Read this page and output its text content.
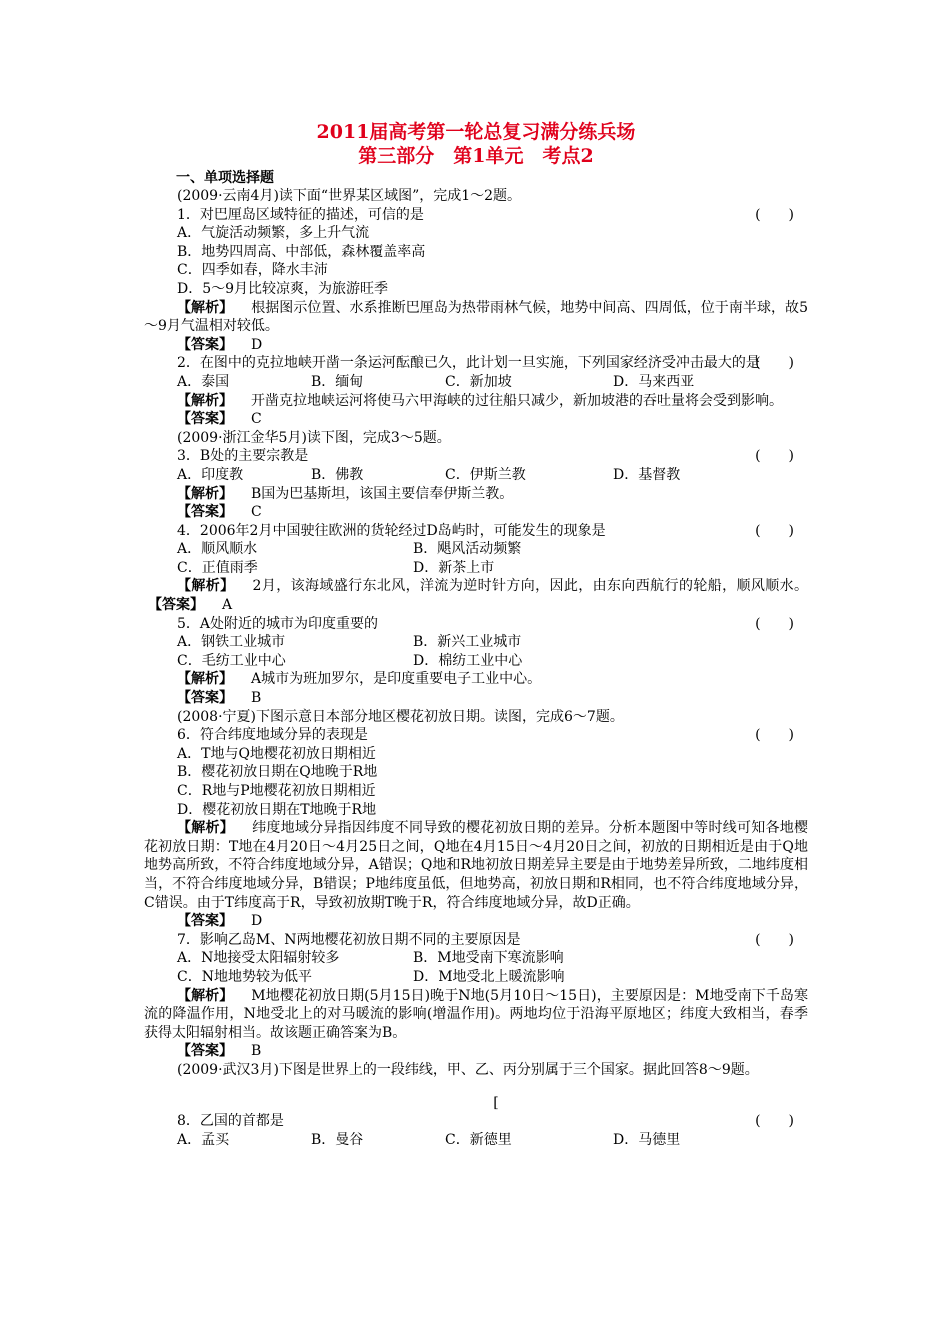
2011届高考第一轮总复习满分练兵场
第三部分　第1单元　考点2
一、单项选择题
(2009·云南4月)读下面“世界某区域图”，完成1～2题。
1．对巴厘岛区域特征的描述，可信的是	(　　)
A．气旋活动频繁，多上升气流
B．地势四周高、中部低，森林覆盖率高
C．四季如春，降水丰沛
D．5～9月比较凉爽，为旅游旺季
【解析】 根据图示位置、水系推断巴厘岛为热带雨林气候，地势中间高、四周低，位于南半球，故5～9月气温相对较低。
【答案】 D
2．在图中的克拉地峡开凿一条运河酝酿已久，此计划一旦实施，下列国家经济受冲击最大的是
(　　)
A．泰国	B．缅甸	C．新加坡	D．马来西亚
【解析】 开凿克拉地峡运河将使马六甲海峡的过往船只减少，新加坡港的吞吐量将会受到影响。
【答案】 C
(2009·浙江金华5月)读下图，完成3～5题。
3．B处的主要宗教是	(　　)
A．印度教	B．佛教	C．伊斯兰教	D．基督教
【解析】 B国为巴基斯坦，该国主要信奉伊斯兰教。
【答案】 C
4．2006年2月中国驶往欧洲的货轮经过D岛屿时，可能发生的现象是	(　　)
A．顺风顺水	B．飓风活动频繁
C．正值雨季	D．新茶上市
【解析】 2月，该海域盛行东北风，洋流为逆时针方向，因此，由东向西航行的轮船，顺风顺水。【答案】 A
5．A处附近的城市为印度重要的	(　　)
A．钢铁工业城市	B．新兴工业城市
C．毛纺工业中心	D．棉纺工业中心
【解析】 A城市为班加罗尔，是印度重要电子工业中心。
【答案】 B
(2008·宁夏)下图示意日本部分地区樱花初放日期。读图，完成6～7题。
6．符合纬度地域分异的表现是	(　　)
A．T地与Q地樱花初放日期相近
B．樱花初放日期在Q地晚于R地
C．R地与P地樱花初放日期相近
D．樱花初放日期在T地晚于R地
【解析】 纬度地域分异指因纬度不同导致的樱花初放日期的差异。分析本题图中等时线可知各地樱花初放日期：T地在4月20日～4月25日之间，Q地在4月15日～4月20日之间，初放的日期相近是由于Q地地势高所致，不符合纬度地域分异，A错误；Q地和R地初放日期差异主要是由于地势差异所致，二地纬度相当，不符合纬度地域分异，B错误；P地纬度虽低，但地势高，初放日期和R相同，也不符合纬度地域分异，C错误。由于T纬度高于R，导致初放期T晚于R，符合纬度地域分异，故D正确。
【答案】 D
7．影响乙岛M、N两地樱花初放日期不同的主要原因是	(　　)
A．N地接受太阳辐射较多	B．M地受南下寒流影响
C．N地地势较为低平	D．M地受北上暖流影响
【解析】 M地樱花初放日期(5月15日)晚于N地(5月10日～15日)，主要原因是：M地受南下千岛寒流的降温作用，N地受北上的对马暖流的影响(增温作用)。两地均位于沿海平原地区；纬度大致相当，春季获得太阳辐射相当。故该题正确答案为B。
【答案】 B
(2009·武汉3月)下图是世界上的一段纬线，甲、乙、丙分别属于三个国家。据此回答8～9题。
[
8．乙国的首都是	(　　)
A．孟买	B．曼谷	C．新德里	D．马德里
